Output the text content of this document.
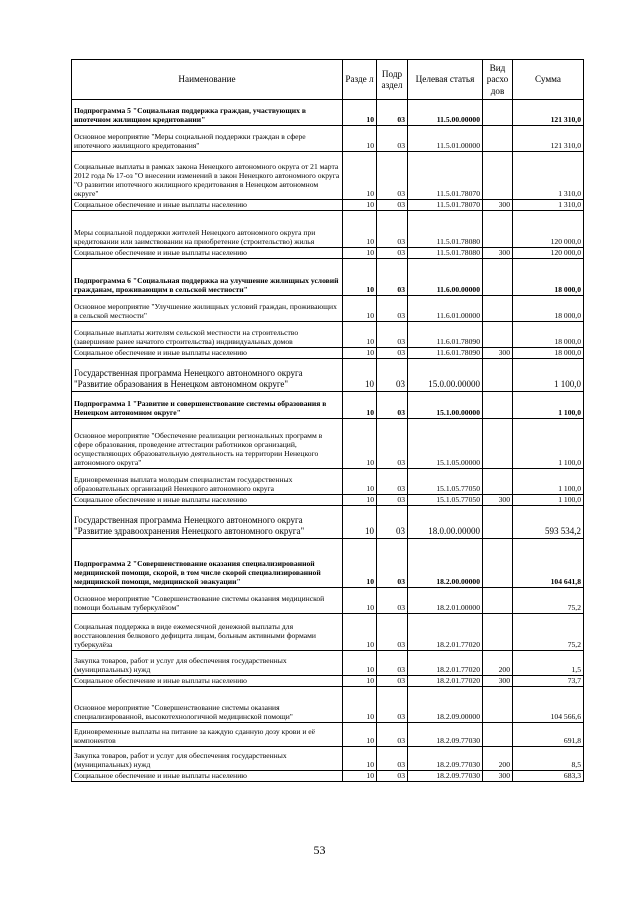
Наименование	Разде л	Подр аздел	Целевая статья	Вид расхо дов	Сумма
Подпрограмма 5 "Социальная поддержка граждан, участвующих в ипотечном жилищном кредитовании"	10	03	11.5.00.00000		121 310,0
Основное мероприятие "Меры социальной поддержки граждан в сфере ипотечного жилищного кредитования"	10	03	11.5.01.00000		121 310,0
Социальные выплаты в рамках закона Ненецкого автономного округа от 21 марта 2012 года № 17-оз "О внесении изменений в закон Ненецкого автономного округа "О развитии ипотечного жилищного кредитования в Ненецком автономном округе"	10	03	11.5.01.78070		1 310,0
Социальное обеспечение и иные выплаты населению	10	03	11.5.01.78070	300	1 310,0
Меры социальной поддержки жителей Ненецкого автономного округа при кредитовании или заимствовании на приобретение (строительство) жилья	10	03	11.5.01.78080		120 000,0
Социальное обеспечение и иные выплаты населению	10	03	11.5.01.78080	300	120 000,0
Подпрограмма 6 "Социальная поддержка на улучшение жилищных условий гражданам, проживающим в сельской местности"	10	03	11.6.00.00000		18 000,0
Основное мероприятие "Улучшение жилищных условий граждан, проживающих в сельской местности"	10	03	11.6.01.00000		18 000,0
Социальные выплаты жителям сельской местности на строительство (завершение ранее начатого строительства) индивидуальных домов	10	03	11.6.01.78090		18 000,0
Социальное обеспечение и иные выплаты населению	10	03	11.6.01.78090	300	18 000,0
Государственная программа Ненецкого автономного округа "Развитие образования в Ненецком автономном округе"	10	03	15.0.00.00000		1 100,0
Подпрограмма 1 "Развитие и совершенствование системы образования в Ненецком автономном округе"	10	03	15.1.00.00000		1 100,0
Основное мероприятие "Обеспечение реализации региональных программ в сфере образования, проведение аттестации работников организаций, осуществляющих образовательную деятельность на территории Ненецкого автономного округа"	10	03	15.1.05.00000		1 100,0
Единовременная выплата молодым специалистам государственных образовательных организаций Ненецкого автономного округа	10	03	15.1.05.77050		1 100,0
Социальное обеспечение и иные выплаты населению	10	03	15.1.05.77050	300	1 100,0
Государственная программа Ненецкого автономного округа "Развитие здравоохранения Ненецкого автономного округа"	10	03	18.0.00.00000		593 534,2
Подпрограмма 2 "Совершенствование оказания специализированной медицинской помощи, скорой, в том числе скорой специализированной медицинской помощи, медицинской эвакуации"	10	03	18.2.00.00000		104 641,8
Основное мероприятие "Совершенствование системы оказания медицинской помощи больным туберкулёзом"	10	03	18.2.01.00000		75,2
Социальная поддержка в виде ежемесячной денежной выплаты для восстановления белкового дефицита лицам, больным активными формами туберкулёза	10	03	18.2.01.77020		75,2
Закупка товаров, работ и услуг для обеспечения государственных (муниципальных) нужд	10	03	18.2.01.77020	200	1,5
Социальное обеспечение и иные выплаты населению	10	03	18.2.01.77020	300	73,7
Основное мероприятие "Совершенствование системы оказания специализированной, высокотехнологичной медицинской помощи"	10	03	18.2.09.00000		104 566,6
Единовременные выплаты на питание за каждую сданную дозу крови и её компонентов	10	03	18.2.09.77030		691,8
Закупка товаров, работ и услуг для обеспечения государственных (муниципальных) нужд	10	03	18.2.09.77030	200	8,5
Социальное обеспечение и иные выплаты населению	10	03	18.2.09.77030	300	683,3
53
